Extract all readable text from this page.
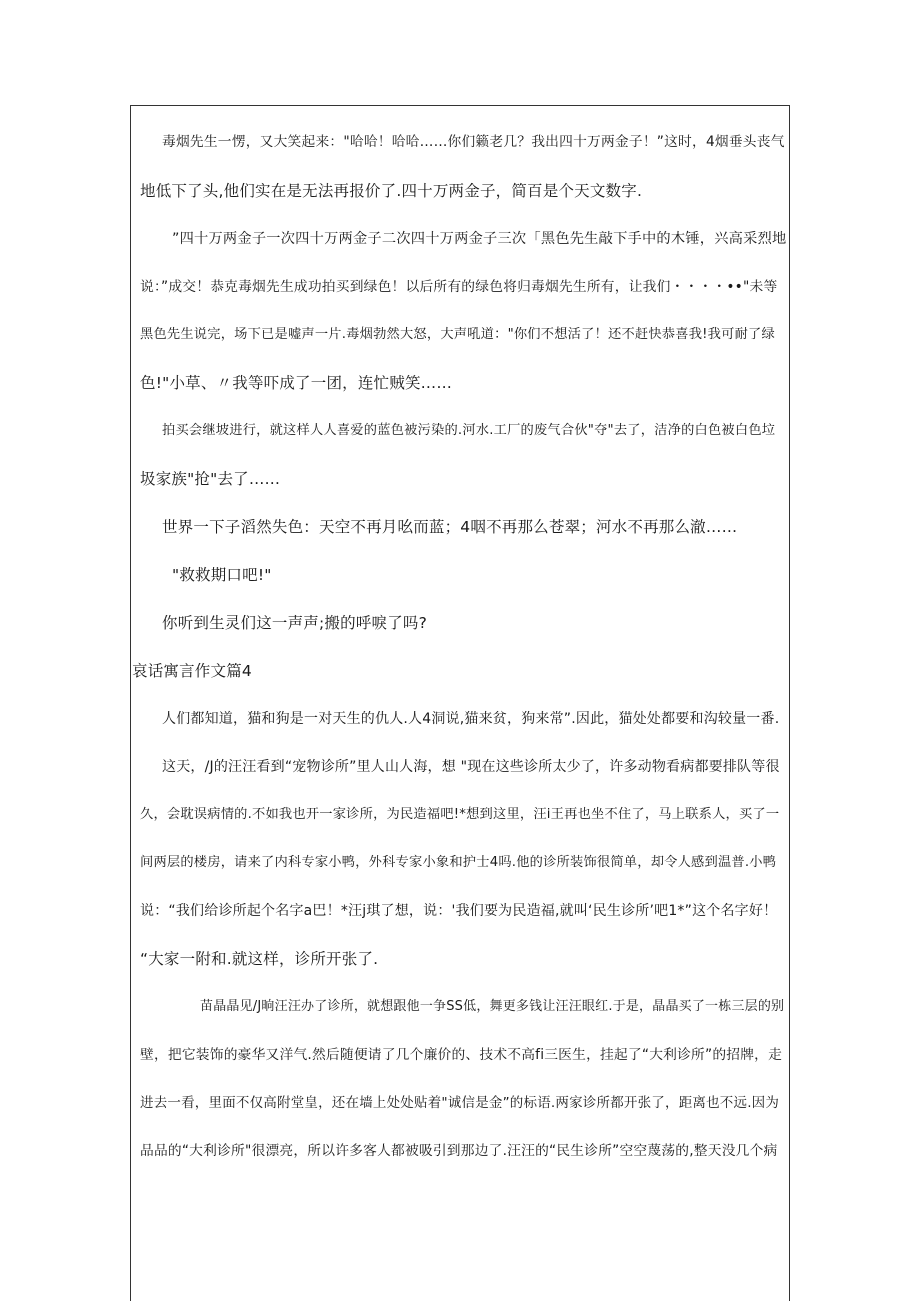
毒烟先生一愣，又大笑起来："哈哈！哈哈……你们籁老几？我出四十万两金子！”这时，4烟垂头丧气
地低下了头,他们实在是无法再报价了.四十万两金子，简百是个天文数字.
”四十万两金子一次四十万两金子二次四十万两金子三次「黑色先生敲下手中的木锤，兴高采烈地
说：”成交！恭克毒烟先生成功拍买到绿色！以后所有的绿色将归毒烟先生所有，让我们・・・・••"未等
黑色先生说完，场下已是嘘声一片.毒烟勃然大怒，大声吼道："你们不想活了！还不赶快恭喜我!我可耐了绿
色!"小草、〃我等吓成了一团，连忙贼笑……
拍买会继坡进行，就这样人人喜爱的蓝色被污染的.河水.工厂的废气合伙"夺"去了，洁净的白色被白色垃
圾家族"抢"去了……
世界一下子滔然失色：天空不再月吆而蓝；4咽不再那么苍翠；河水不再那么澈……
"救救期口吧!"
你听到生灵们这一声声;搬的呼唳了吗?
哀话寓言作文篇4
人们都知道，猫和狗是一对天生的仇人.人4洞说,猫来贫，狗来常”.因此，猫处处都要和沟较量一番.
这天，/J的汪汪看到“宠物诊所”里人山人海，想 "现在这些诊所太少了，许多动物看病都要排队等很
久，会耽误病情的.不如我也开一家诊所，为民造福吧!*想到这里，汪i王再也坐不住了，马上联系人，买了一
间两层的楼房，请来了内科专家小鸭，外科专家小象和护士4吗.他的诊所装饰很简单，却令人感到温普.小鸭
说：“我们给诊所起个名字a巴！*汪j琪了想，说：'我们要为民造福,就叫‘民生诊所’吧1*”这个名字好！
“大家一附和.就这样，诊所开张了.
苗晶晶见/J晌汪汪办了诊所，就想跟他一争SS低，舞更多钱让汪汪眼红.于是，晶晶买了一栋三层的别
壁，把它装饰的豪华又洋气.然后随便请了几个廉价的、技术不高fi三医生，挂起了“大利诊所”的招牌，走
进去一看，里面不仅高附堂皇，还在墙上处处贴着"诚信是金”的标语.两家诊所都开张了，距离也不远.因为
品品的“大利诊所"很漂亮，所以许多客人都被吸引到那边了.汪汪的“民生诊所”空空蔑荡的,整天没几个病
